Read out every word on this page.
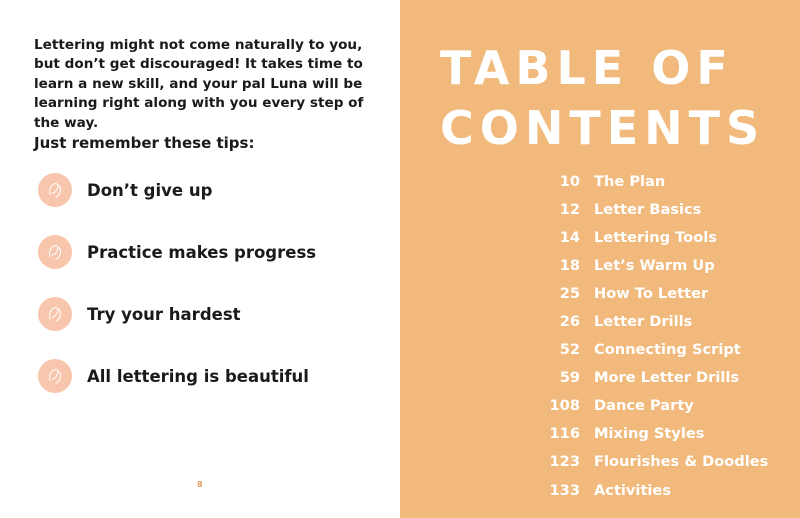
Lettering might not come naturally to you, but don’t get discouraged! It takes time to learn a new skill, and your pal Luna will be learning right along with you every step of the way.

Just remember these tips:

Don’t give up
Practice makes progress
Try your hardest
All lettering is beautiful
8
TABLE OF
CONTENTS
10 The Plan
12 Letter Basics
14 Lettering Tools
18 Let’s Warm Up
25 How To Letter
26 Letter Drills
52 Connecting Script
59 More Letter Drills
108 Dance Party
116 Mixing Styles
123 Flourishes & Doodles
133 Activities
